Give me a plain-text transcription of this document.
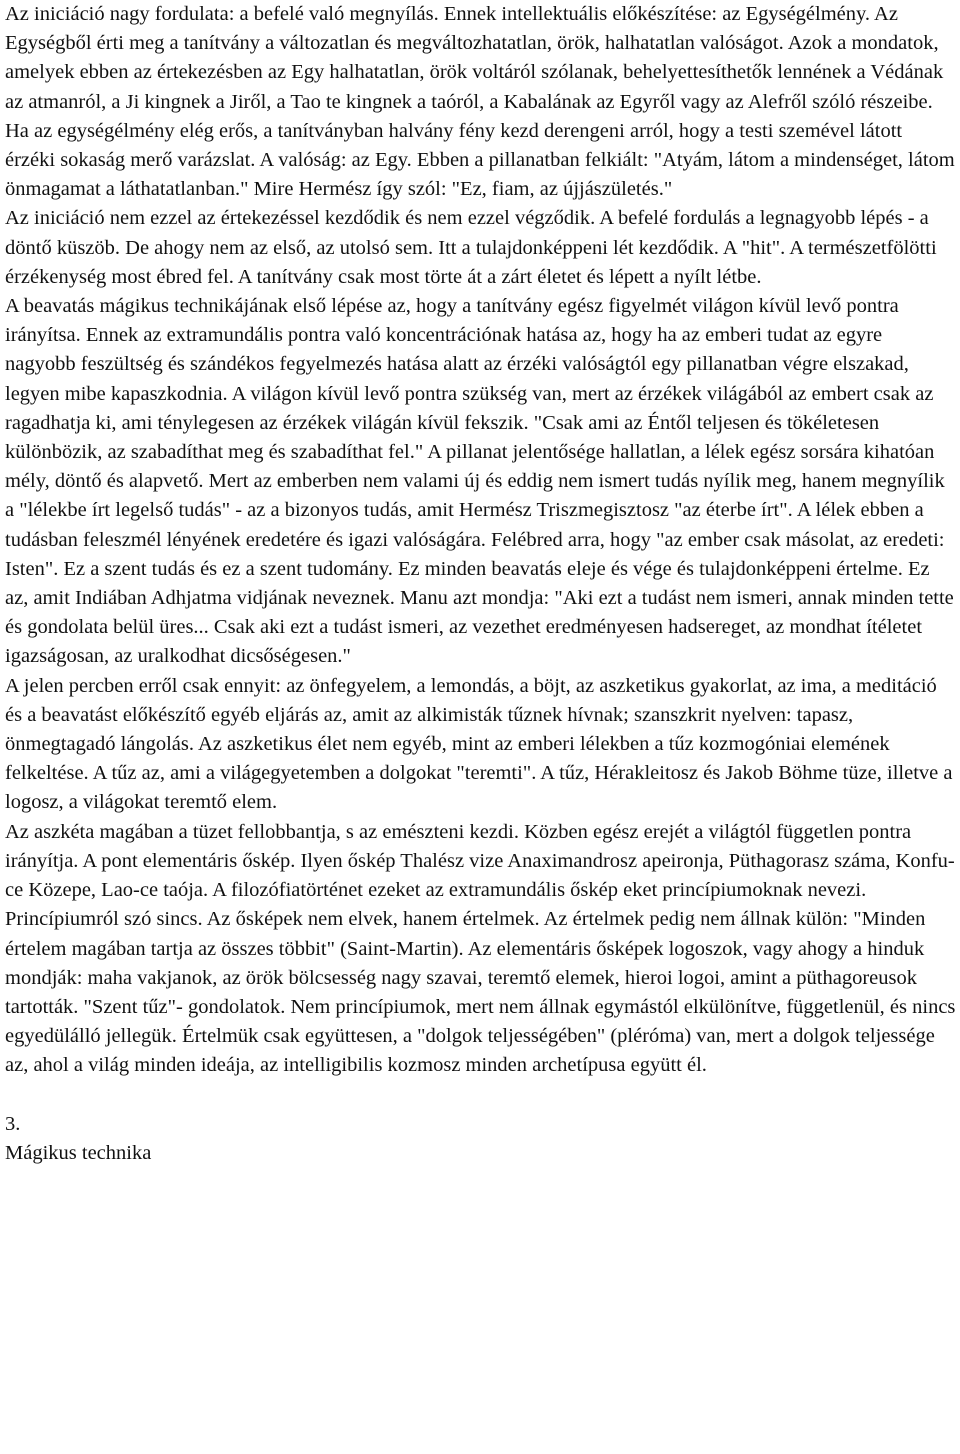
Az iniciáció nagy fordulata: a befelé való megnyílás. Ennek intellektuális előkészítése: az Egységélmény. Az Egységből érti meg a tanítvány a változatlan és megváltozhatatlan, örök, halhatatlan valóságot. Azok a mondatok, amelyek ebben az értekezésben az Egy halhatatlan, örök voltáról szólanak, behelyettesíthetők lennének a Védának az atmanról, a Ji kingnek a Jiről, a Tao te kingnek a taóról, a Kabalának az Egyről vagy az Alefről szóló részeibe. Ha az egységélmény elég erős, a tanítványban halvány fény kezd derengeni arról, hogy a testi szemével látott érzéki sokaság merő varázslat. A valóság: az Egy. Ebben a pillanatban felkiált: "Atyám, látom a mindenséget, látom önmagamat a láthatatlanban." Mire Hermész így szól: "Ez, fiam, az újjászületés."

Az iniciáció nem ezzel az értekezéssel kezdődik és nem ezzel végződik. A befelé fordulás a legnagyobb lépés - a döntő küszöb. De ahogy nem az első, az utolsó sem. Itt a tulajdonképpeni lét kezdődik. A "hit". A természetfölötti érzékenység most ébred fel. A tanítvány csak most törte át a zárt életet és lépett a nyílt létbe.

A beavatás mágikus technikájának első lépése az, hogy a tanítvány egész figyelmét világon kívül levő pontra irányítsa. Ennek az extramundális pontra való koncentrációnak hatása az, hogy ha az emberi tudat az egyre nagyobb feszültség és szándékos fegyelmezés hatása alatt az érzéki valóságtól egy pillanatban végre elszakad, legyen mibe kapaszkodnia. A világon kívül levő pontra szükség van, mert az érzékek világából az embert csak az ragadhatja ki, ami ténylegesen az érzékek világán kívül fekszik. "Csak ami az Éntől teljesen és tökéletesen különbözik, az szabadíthat meg és szabadíthat fel." A pillanat jelentősége hallatlan, a lélek egész sorsára kihatóan mély, döntő és alapvető. Mert az emberben nem valami új és eddig nem ismert tudás nyílik meg, hanem megnyílik a "lélekbe írt legelső tudás" - az a bizonyos tudás, amit Hermész Triszmegisztosz "az éterbe írt". A lélek ebben a tudásban feleszmél lényének eredetére és igazi valóságára. Felébred arra, hogy "az ember csak másolat, az eredeti: Isten". Ez a szent tudás és ez a szent tudomány. Ez minden beavatás eleje és vége és tulajdonképpeni értelme. Ez az, amit Indiában Adhjatma vidjának neveznek. Manu azt mondja: "Aki ezt a tudást nem ismeri, annak minden tette és gondolata belül üres... Csak aki ezt a tudást ismeri, az vezethet eredményesen hadsereget, az mondhat ítéletet igazságosan, az uralkodhat dicsőségesen."

A jelen percben erről csak ennyit: az önfegyelem, a lemondás, a böjt, az aszketikus gyakorlat, az ima, a meditáció és a beavatást előkészítő egyéb eljárás az, amit az alkimisták tűznek hívnak; szanszkrit nyelven: tapasz, önmegtagadó lángolás. Az aszketikus élet nem egyéb, mint az emberi lélekben a tűz kozmogóniai elemének felkeltése. A tűz az, ami a világegyetemben a dolgokat "teremti". A tűz, Hérakleitosz és Jakob Böhme tüze, illetve a logosz, a világokat teremtő elem.

Az aszkéta magában a tüzet fellobbantja, s az emészteni kezdi. Közben egész erejét a világtól független pontra irányítja. A pont elementáris őskép. Ilyen őskép Thalész vize Anaximandrosz apeironja, Püthagorasz száma, Konfu-ce Közepe, Lao-ce taója. A filozófiatörténet ezeket az extramundális őskép eket princípiumoknak nevezi. Princípiumról szó sincs. Az ősképek nem elvek, hanem értelmek. Az értelmek pedig nem állnak külön: "Minden értelem magában tartja az összes többit" (Saint-Martin). Az elementáris ősképek logoszok, vagy ahogy a hinduk mondják: maha vakjanok, az örök bölcsesség nagy szavai, teremtő elemek, hieroi logoi, amint a püthagoreusok tartották. "Szent tűz"- gondolatok. Nem princípiumok, mert nem állnak egymástól elkülönítve, függetlenül, és nincs egyedülálló jellegük. Értelmük csak együttesen, a "dolgok teljességében" (pléróma) van, mert a dolgok teljessége az, ahol a világ minden ideája, az intelligibilis kozmosz minden archetípusa együtt él.

3.

Mágikus technika
